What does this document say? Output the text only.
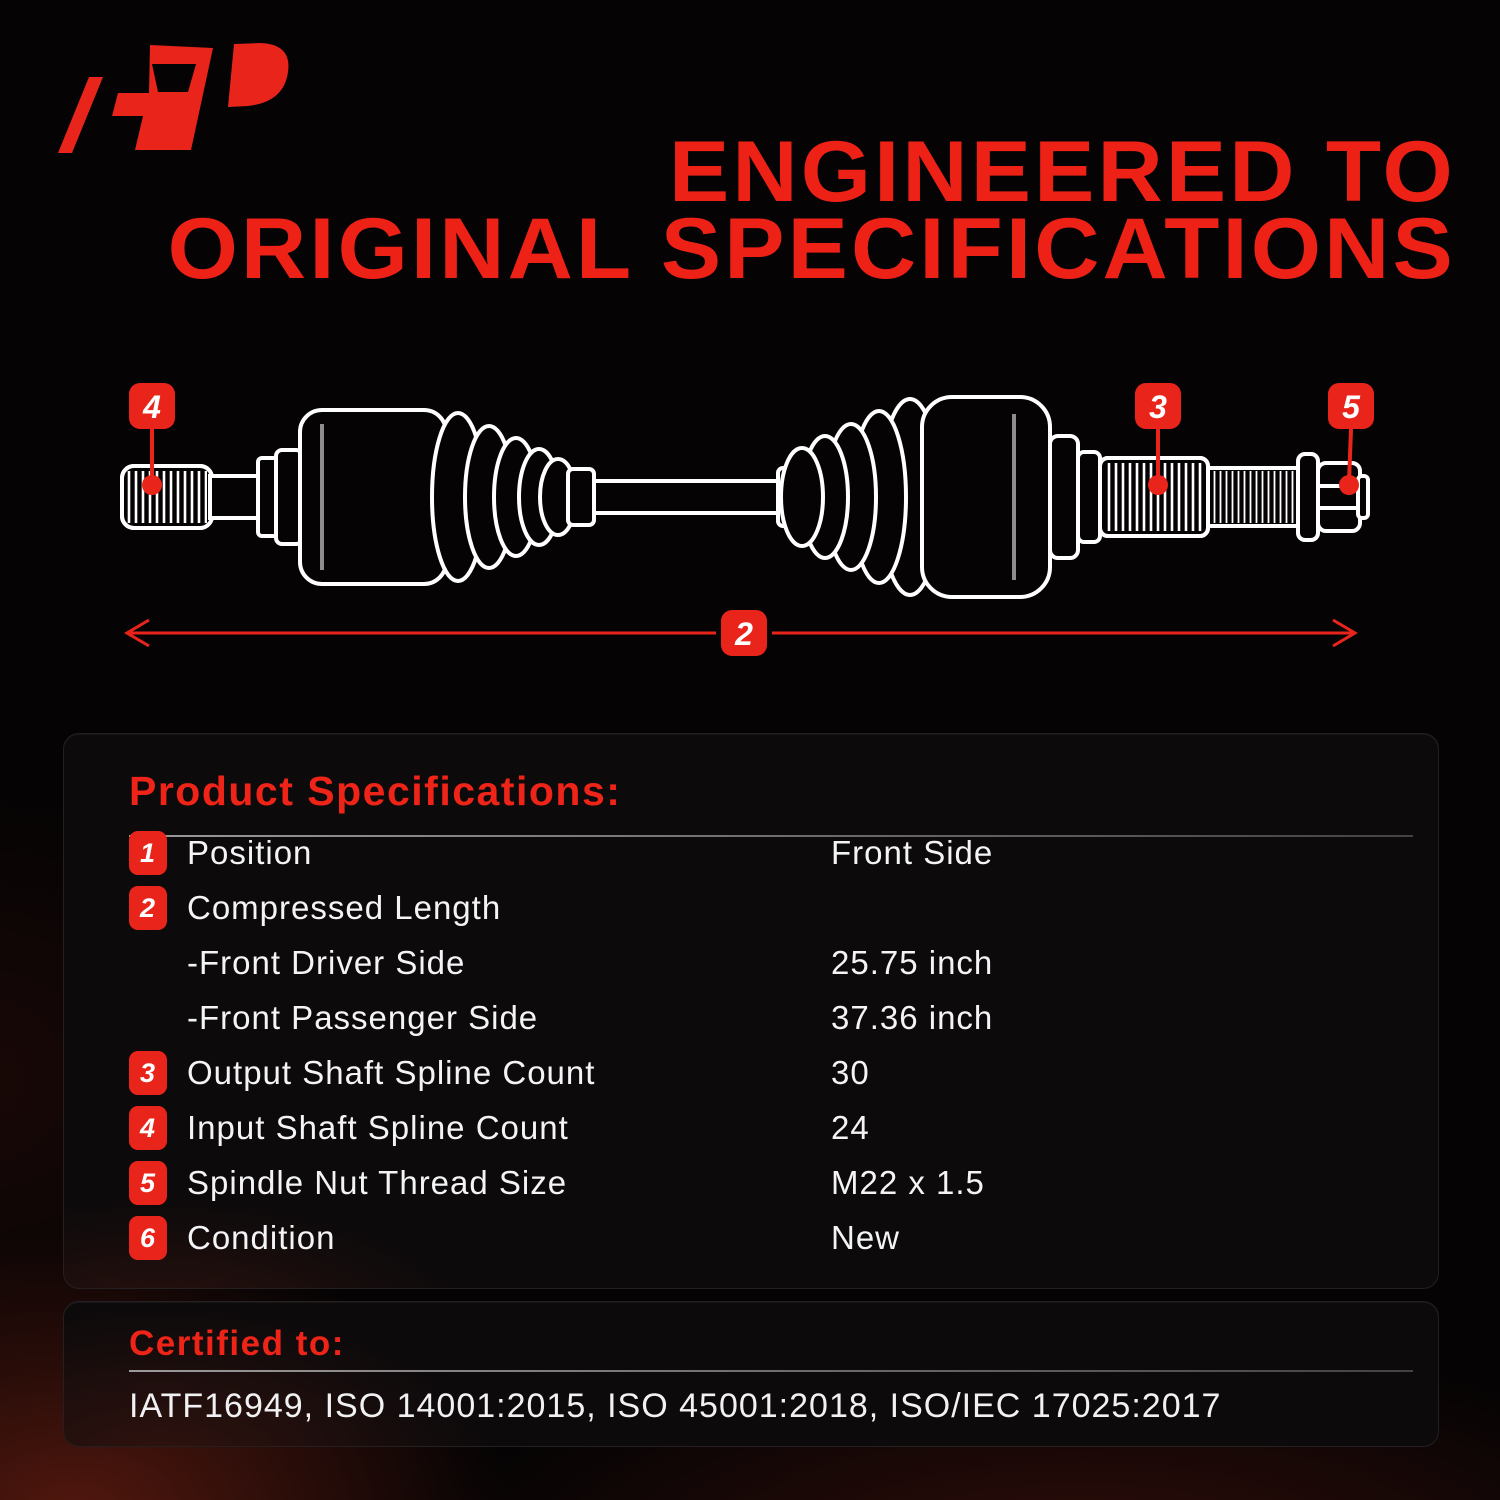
ENGINEERED TO
ORIGINAL SPECIFICATIONS
4	3	5
2
Product Specifications:
1 Position	Front Side
2 Compressed Length
-Front Driver Side	25.75 inch
-Front Passenger Side	37.36 inch
3 Output Shaft Spline Count	30
4 Input Shaft Spline Count	24
5 Spindle Nut Thread Size	M22 x 1.5
6 Condition	New
Certified to:
IATF16949, ISO 14001:2015, ISO 45001:2018, ISO/IEC 17025:2017
